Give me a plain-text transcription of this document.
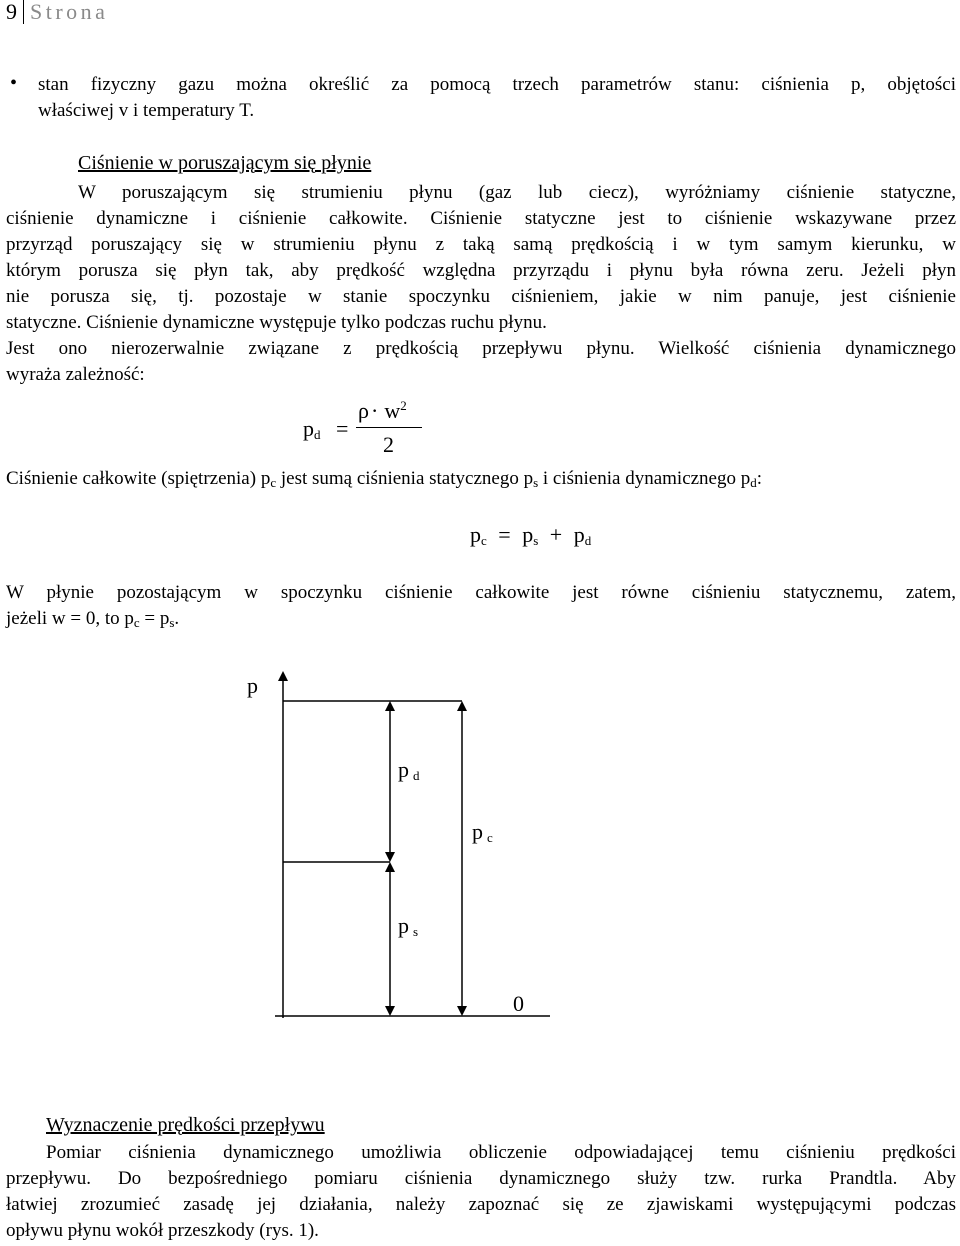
9 Strona
• stan fizyczny gazu można określić za pomocą trzech parametrów stanu: ciśnienia p, objętości
właściwej v i temperatury T.
Ciśnienie w poruszającym się płynie
W poruszającym się strumieniu płynu (gaz lub ciecz), wyróżniamy ciśnienie statyczne,
ciśnienie dynamiczne i ciśnienie całkowite. Ciśnienie statyczne jest to ciśnienie wskazywane przez
przyrząd poruszający się w strumieniu płynu z taką samą prędkością i w tym samym kierunku, w
którym porusza się płyn tak, aby prędkość względna przyrządu i płynu była równa zeru. Jeżeli płyn
nie porusza się, tj. pozostaje w stanie spoczynku ciśnieniem, jakie w nim panuje, jest ciśnienie
statyczne. Ciśnienie dynamiczne występuje tylko podczas ruchu płynu.
Jest ono nierozerwalnie związane z prędkością przepływu płynu. Wielkość ciśnienia dynamicznego
wyraża zależność:
$p_d$ =
$\rho\cdot w^2$
2
Ciśnienie całkowite (spiętrzenia) $p_c$ jest sumą ciśnienia statycznego $p_s$ i ciśnienia dynamicznego $p_d$:
$p_c = p_s + p_d$
W płynie pozostającym w spoczynku ciśnienie całkowite jest równe ciśnieniu statycznemu, zatem,
jeżeli w = 0, to $p_c = p_s$.
p
p $_d$
p $_c$
p $_s$
0
Wyznaczenie prędkości przepływu
Pomiar ciśnienia dynamicznego umożliwia obliczenie odpowiadającej temu ciśnieniu prędkości
przepływu. Do bezpośredniego pomiaru ciśnienia dynamicznego służy tzw. rurka Prandtla. Aby
łatwiej zrozumieć zasadę jej działania, należy zapoznać się ze zjawiskami występującymi podczas
opływu płynu wokół przeszkody (rys. 1).
